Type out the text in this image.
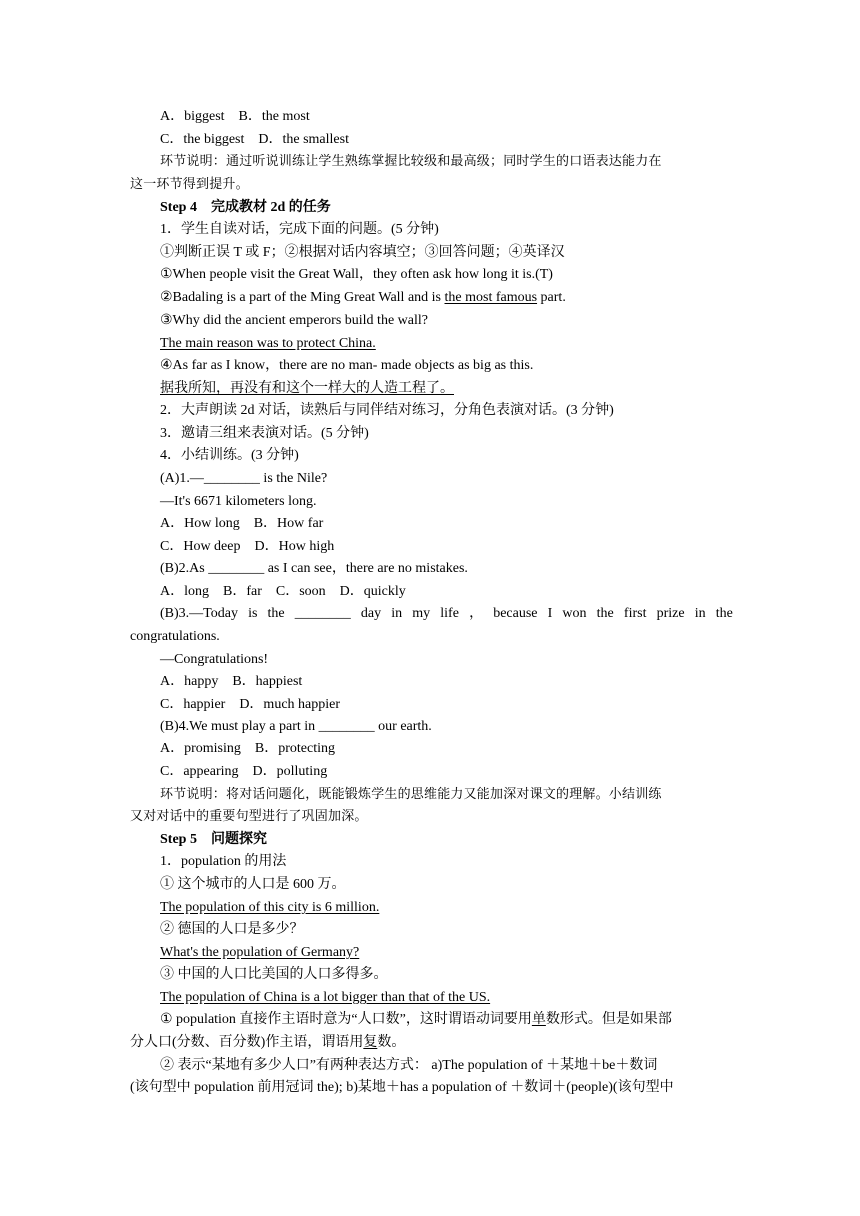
A．biggest　B．the most
C．the biggest　D．the smallest
环节说明：通过听说训练让学生熟练掌握比较级和最高级；同时学生的口语表达能力在
这一环节得到提升。
Step 4　完成教材 2d 的任务
1．学生自读对话，完成下面的问题。(5 分钟)
①判断正误 T 或 F；②根据对话内容填空；③回答问题；④英译汉
①When people visit the Great Wall，they often ask how long it is.(T)
②Badaling is a part of the Ming Great Wall and is the most famous part.
③Why did the ancient emperors build the wall?
The main reason was to protect China.
④As far as I know，there are no man- made objects as big as this.
据我所知，再没有和这个一样大的人造工程了。
2．大声朗读 2d 对话，读熟后与同伴结对练习，分角色表演对话。(3 分钟)
3．邀请三组来表演对话。(5 分钟)
4．小结训练。(3 分钟)
(A)1.—________ is the Nile?
—It's 6671 kilometers long.
A．How long　B．How far
C．How deep　D．How high
(B)2.As ________ as I can see，there are no mistakes.
A．long　B．far　C．soon　D．quickly
(B)3.—Today is the ________ day in my life ， because I won the first prize in the
congratulations.
—Congratulations!
A．happy　B．happiest
C．happier　D．much happier
(B)4.We must play a part in ________ our earth.
A．promising　B．protecting
C．appearing　D．polluting
环节说明：将对话问题化，既能锻炼学生的思维能力又能加深对课文的理解。小结训练
又对对话中的重要句型进行了巩固加深。
Step 5　问题探究
1．population 的用法
① 这个城市的人口是 600 万。
The population of this city is 6 million.
② 德国的人口是多少？
What's the population of Germany?
③ 中国的人口比美国的人口多得多。
The population of China is a lot bigger than that of the US.
① population 直接作主语时意为“人口数”，这时谓语动词要用单数形式。但是如果部
分人口(分数、百分数)作主语，谓语用复数。
② 表示“某地有多少人口”有两种表达方式： a)The population of ＋某地＋be＋数词
(该句型中 population 前用冠词 the); b)某地＋has a population of ＋数词＋(people)(该句型中
